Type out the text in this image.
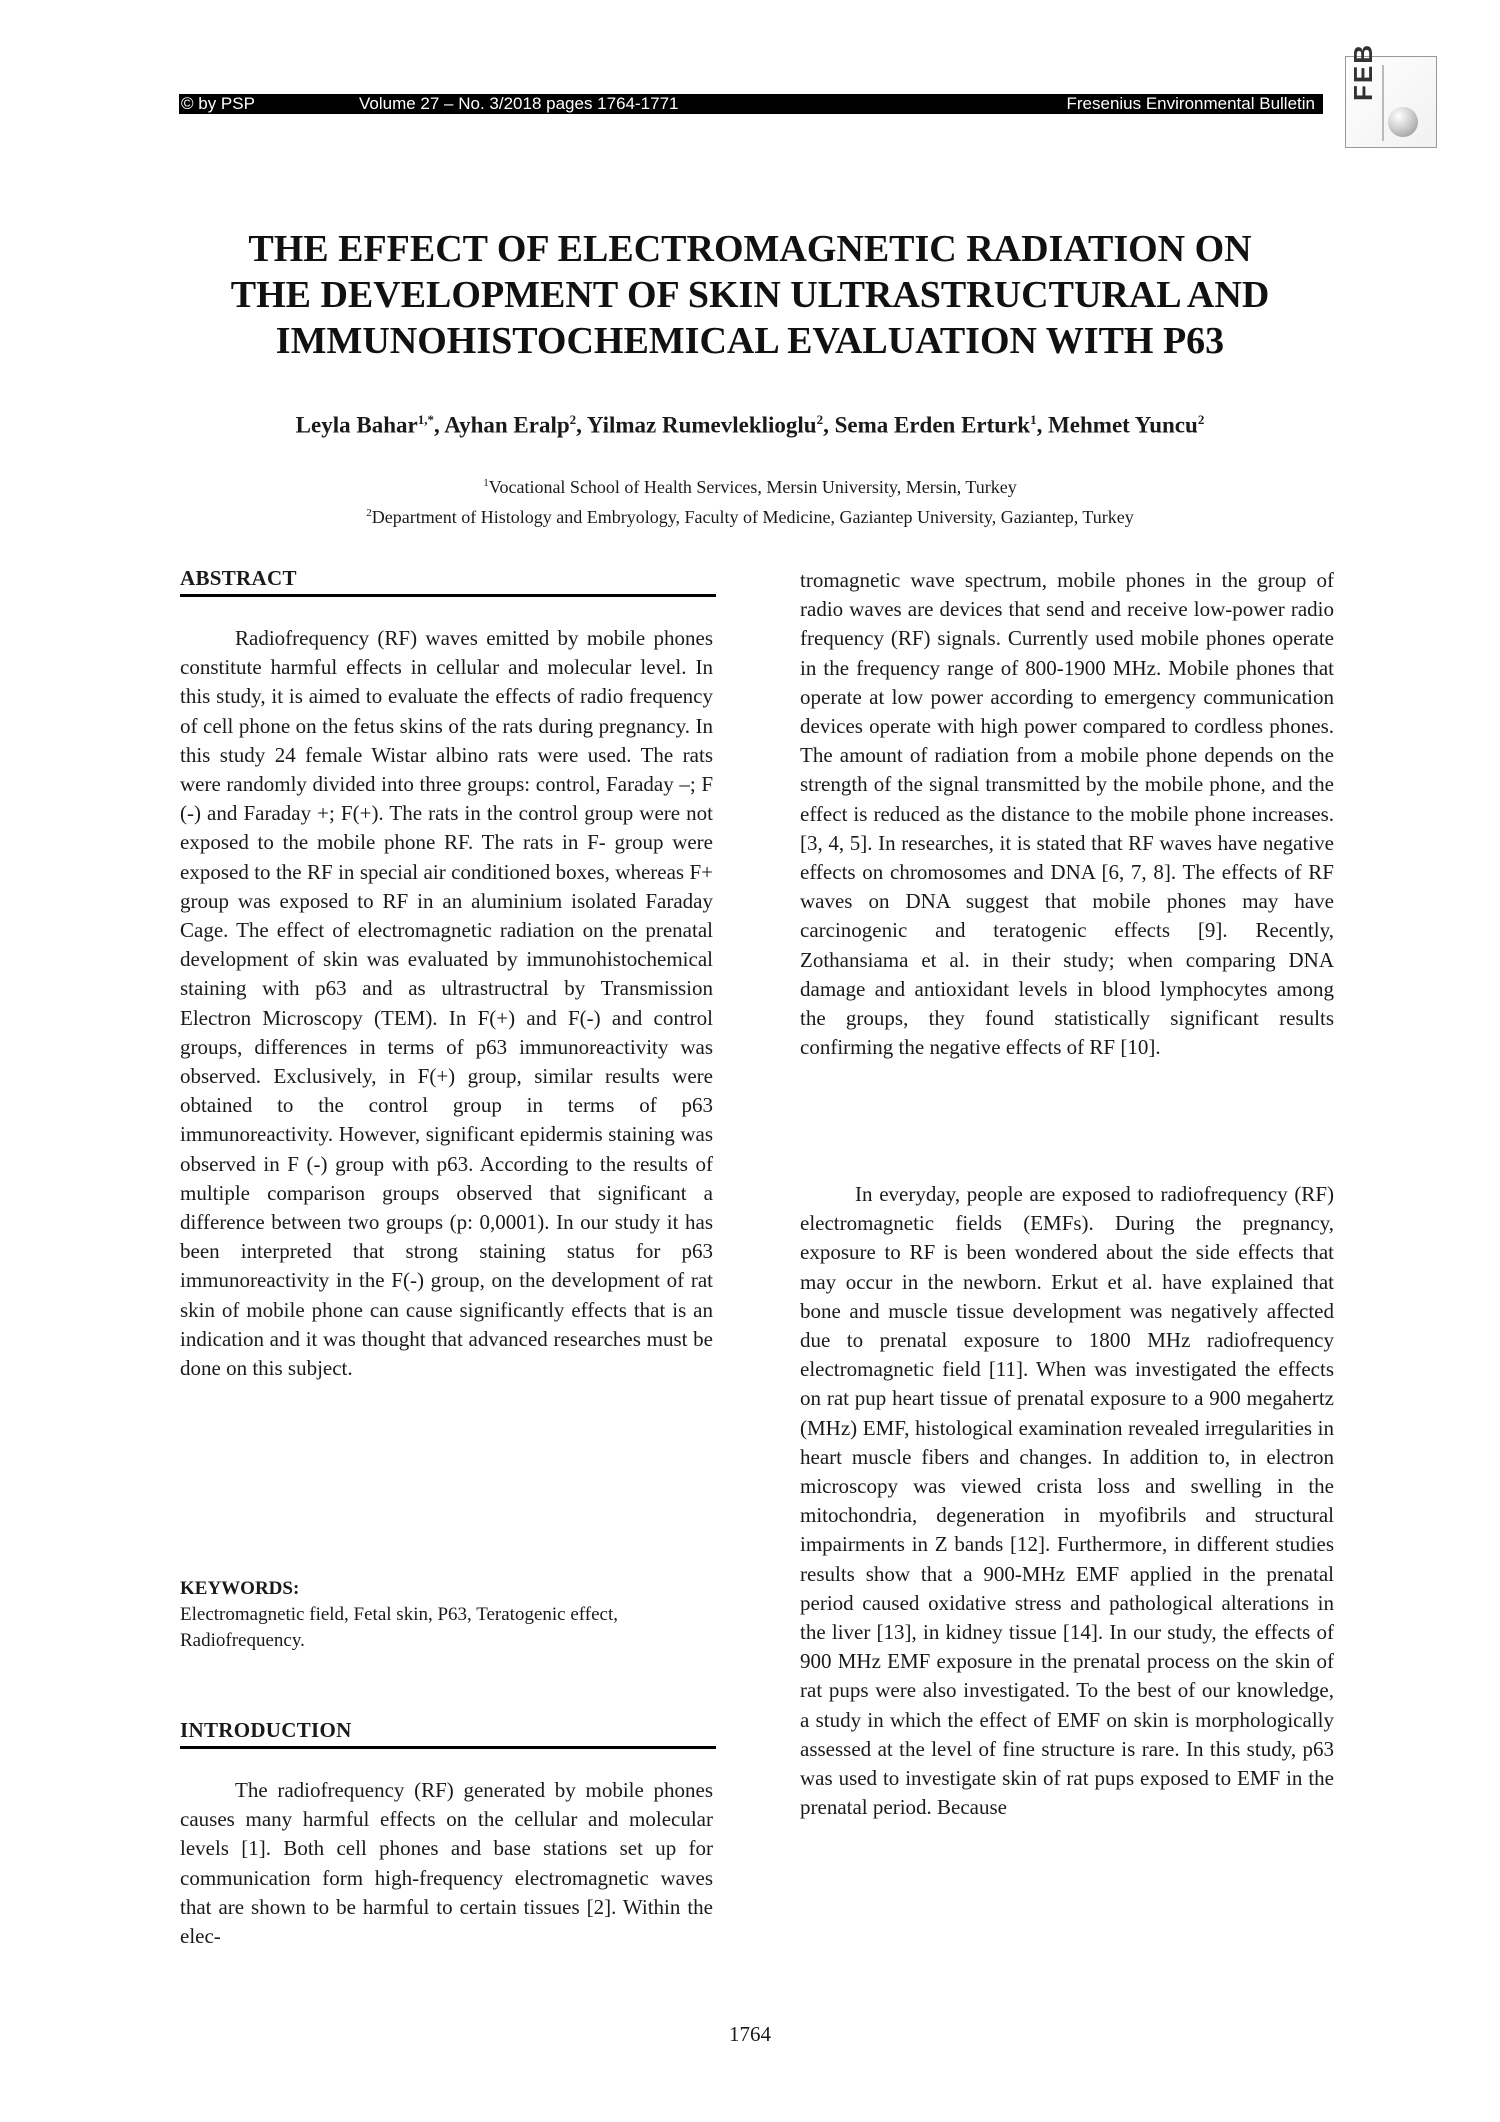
© by PSP	Volume 27 – No. 3/2018 pages 1764-1771	Fresenius Environmental Bulletin
FEB
THE EFFECT OF ELECTROMAGNETIC RADIATION ON
THE DEVELOPMENT OF SKIN ULTRASTRUCTURAL AND
IMMUNOHISTOCHEMICAL EVALUATION WITH P63
Leyla Bahar$^{1,*}$, Ayhan Eralp$^2$, Yilmaz Rumevleklioglu$^2$, Sema Erden Erturk$^1$, Mehmet Yuncu$^2$
$^1$Vocational School of Health Services, Mersin University, Mersin, Turkey
$^2$Department of Histology and Embryology, Faculty of Medicine, Gaziantep University, Gaziantep, Turkey
ABSTRACT
Radiofrequency (RF) waves emitted by mobile phones constitute harmful effects in cellular and molecular level. In this study, it is aimed to evaluate the effects of radio frequency of cell phone on the fetus skins of the rats during pregnancy. In this study 24 female Wistar albino rats were used. The rats were randomly divided into three groups: control, Faraday –; F (-) and Faraday +; F(+). The rats in the control group were not exposed to the mobile phone RF. The rats in F- group were exposed to the RF in special air conditioned boxes, whereas F+ group was exposed to RF in an aluminium isolated Faraday Cage. The effect of electromagnetic radiation on the prenatal development of skin was evaluated by immunohistochemical staining with p63 and as ultrastructral by Transmission Electron Microscopy (TEM). In F(+) and F(-) and control groups, differences in terms of p63 immunoreactivity was observed. Exclusively, in F(+) group, similar results were obtained to the control group in terms of p63 immunoreactivity. However, significant epidermis staining was observed in F (-) group with p63. According to the results of multiple comparison groups observed that significant a difference between two groups (p: 0,0001). In our study it has been interpreted that strong staining status for p63 immunoreactivity in the F(-) group, on the development of rat skin of mobile phone can cause significantly effects that is an indication and it was thought that advanced researches must be done on this subject.
KEYWORDS:
Electromagnetic field, Fetal skin, P63, Teratogenic effect, Radiofrequency.
INTRODUCTION
The radiofrequency (RF) generated by mobile phones causes many harmful effects on the cellular and molecular levels [1]. Both cell phones and base stations set up for communication form high-frequency electromagnetic waves that are shown to be harmful to certain tissues [2]. Within the elec-
tromagnetic wave spectrum, mobile phones in the group of radio waves are devices that send and receive low-power radio frequency (RF) signals. Currently used mobile phones operate in the frequency range of 800-1900 MHz. Mobile phones that operate at low power according to emergency communication devices operate with high power compared to cordless phones. The amount of radiation from a mobile phone depends on the strength of the signal transmitted by the mobile phone, and the effect is reduced as the distance to the mobile phone increases. [3, 4, 5]. In researches, it is stated that RF waves have negative effects on chromosomes and DNA [6, 7, 8]. The effects of RF waves on DNA suggest that mobile phones may have carcinogenic and teratogenic effects [9]. Recently, Zothansiama et al. in their study; when comparing DNA damage and antioxidant levels in blood lymphocytes among the groups, they found statistically significant results confirming the negative effects of RF [10].
In everyday, people are exposed to radiofrequency (RF) electromagnetic fields (EMFs). During the pregnancy, exposure to RF is been wondered about the side effects that may occur in the newborn. Erkut et al. have explained that bone and muscle tissue development was negatively affected due to prenatal exposure to 1800 MHz radiofrequency electromagnetic field [11]. When was investigated the effects on rat pup heart tissue of prenatal exposure to a 900 megahertz (MHz) EMF, histological examination revealed irregularities in heart muscle fibers and changes. In addition to, in electron microscopy was viewed crista loss and swelling in the mitochondria, degeneration in myofibrils and structural impairments in Z bands [12]. Furthermore, in different studies results show that a 900-MHz EMF applied in the prenatal period caused oxidative stress and pathological alterations in the liver [13], in kidney tissue [14]. In our study, the effects of 900 MHz EMF exposure in the prenatal process on the skin of rat pups were also investigated. To the best of our knowledge, a study in which the effect of EMF on skin is morphologically assessed at the level of fine structure is rare. In this study, p63 was used to investigate skin of rat pups exposed to EMF in the prenatal period. Because
1764
